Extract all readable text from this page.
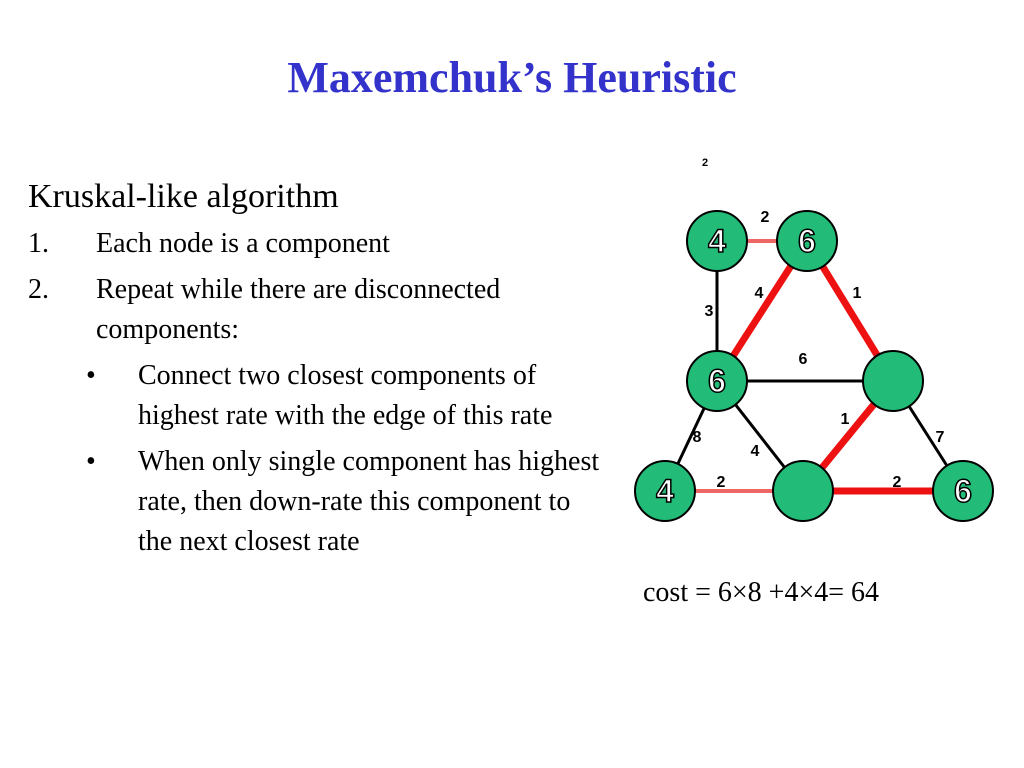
Maxemchuk’s Heuristic
Kruskal-like algorithm
1. Each node is a component
2. Repeat while there are disconnected components:
• Connect two closest components of highest rate with the edge of this rate
• When only single component has highest rate, then down-rate this component to the next closest rate
2
2
3
4	1
6
8
4
1
7
2	2
4 6
6
4	6
cost = 6×8 +4×4= 64
